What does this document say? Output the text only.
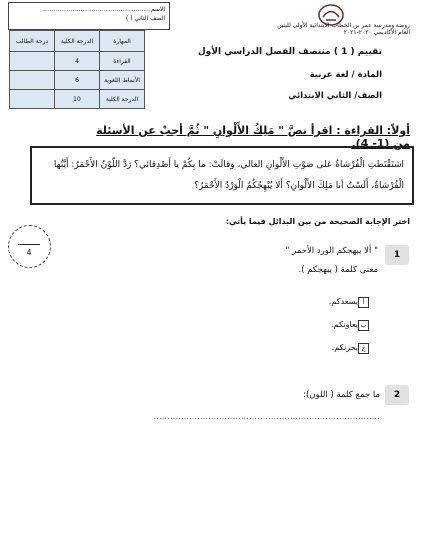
الاسم.........................................................
الصف الثاني ( )
المهارة	الدرجة الكلية	درجة الطالب
القراءة	4	
الأنماط اللغوية	6	
الدرجة الكلية	10	
روضة ومدرسة عمر بن الخطاب الابتدائية الأولى للبنين
العام الأكاديمي ٢٠٢٠-٢٠٢١
تقييم ( 1 ) منتصف الفصل الدراسي الأول
المادة / لغة عربية
الصف/ الثاني الابتدائي
أولاً: القراءة : اقرأ نصَّ " مَلِكُ الأَلْوانِ " ثُمَّ أجبْ عن الأسئلة من (1- 4).
اشتَقْتَطتِ الْفُرْشاةُ عَلى صَوْتِ الأَلْوانِ العالي، وَقالَتْ: ما بِكُمْ يا أَصْدِقائي؟ رَدَّ اللّوْنُ الأَحْمَرُ: أَيَّتُها
الْفُرْشاةُ، أَلَسْتُ أنا مَلِكَ الأَلْوانِ؟ أَلا يُبْهِجُكُمُ الْوَرْدُ الأَحْمَرُ؟
اختر الإجابة الصحيحة من بين البدائل فيما يأتي:
4	1
" ألا يبهجكم الورد الأحمر "
معنى كلمة ( يبهجكم ).
أ
يسعدكم.
ب
يعاونكم.
ج
يحزنكم.
2
ما جمع كلمة ( اللون):
...................................................................................
